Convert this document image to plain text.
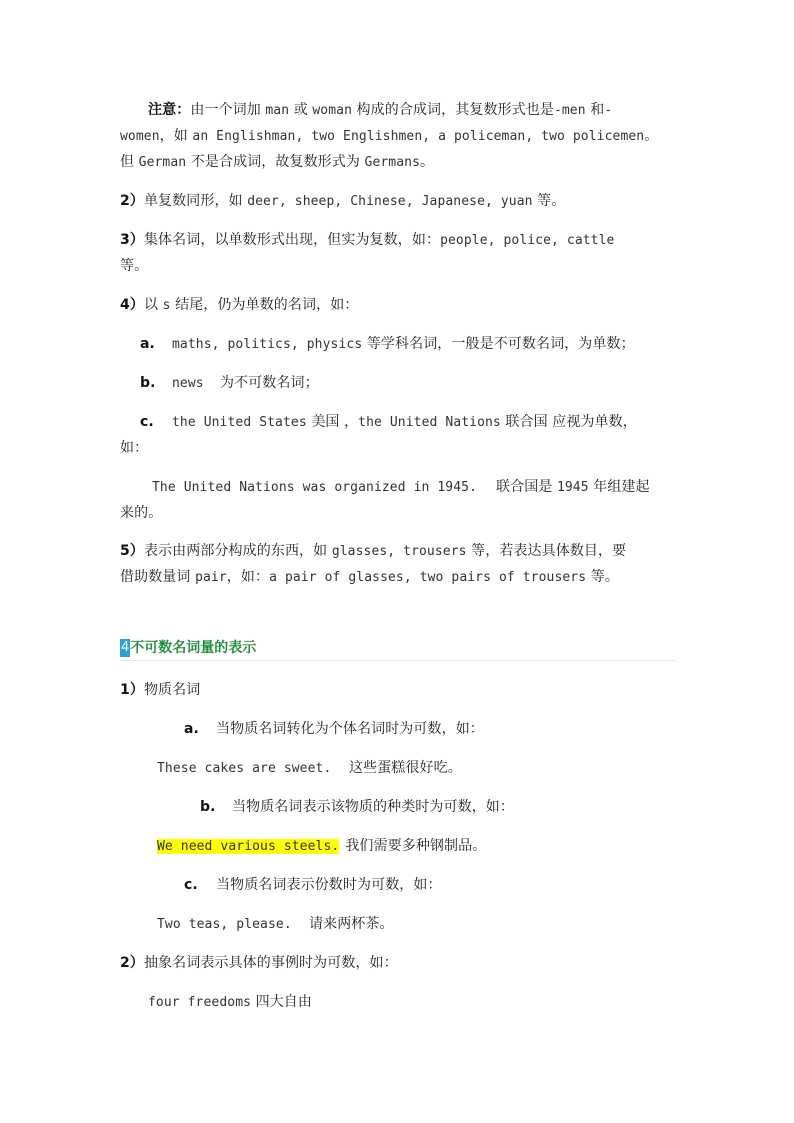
注意：由一个词加 man 或 woman 构成的合成词，其复数形式也是-men 和-
women，如 an Englishman, two Englishmen, a policeman, two policemen。
但 German 不是合成词，故复数形式为 Germans。
2）单复数同形，如 deer, sheep, Chinese, Japanese, yuan 等。
3）集体名词，以单数形式出现，但实为复数，如：people, police, cattle
等。
4）以 s 结尾，仍为单数的名词，如：
a. maths, politics, physics 等学科名词，一般是不可数名词，为单数；
b. news 为不可数名词；
c. the United States 美国 ，the United Nations 联合国 应视为单数，
如：
The United Nations was organized in 1945. 联合国是 1945 年组建起
来的。
5）表示由两部分构成的东西，如 glasses, trousers 等，若表达具体数目，要
借助数量词 pair，如：a pair of glasses, two pairs of trousers 等。
4不可数名词量的表示
1）物质名词
a. 当物质名词转化为个体名词时为可数，如：
These cakes are sweet. 这些蛋糕很好吃。
b. 当物质名词表示该物质的种类时为可数，如：
We need various steels. 我们需要多种钢制品。
c. 当物质名词表示份数时为可数，如：
Two teas, please. 请来两杯茶。
2）抽象名词表示具体的事例时为可数，如：
four freedoms 四大自由
